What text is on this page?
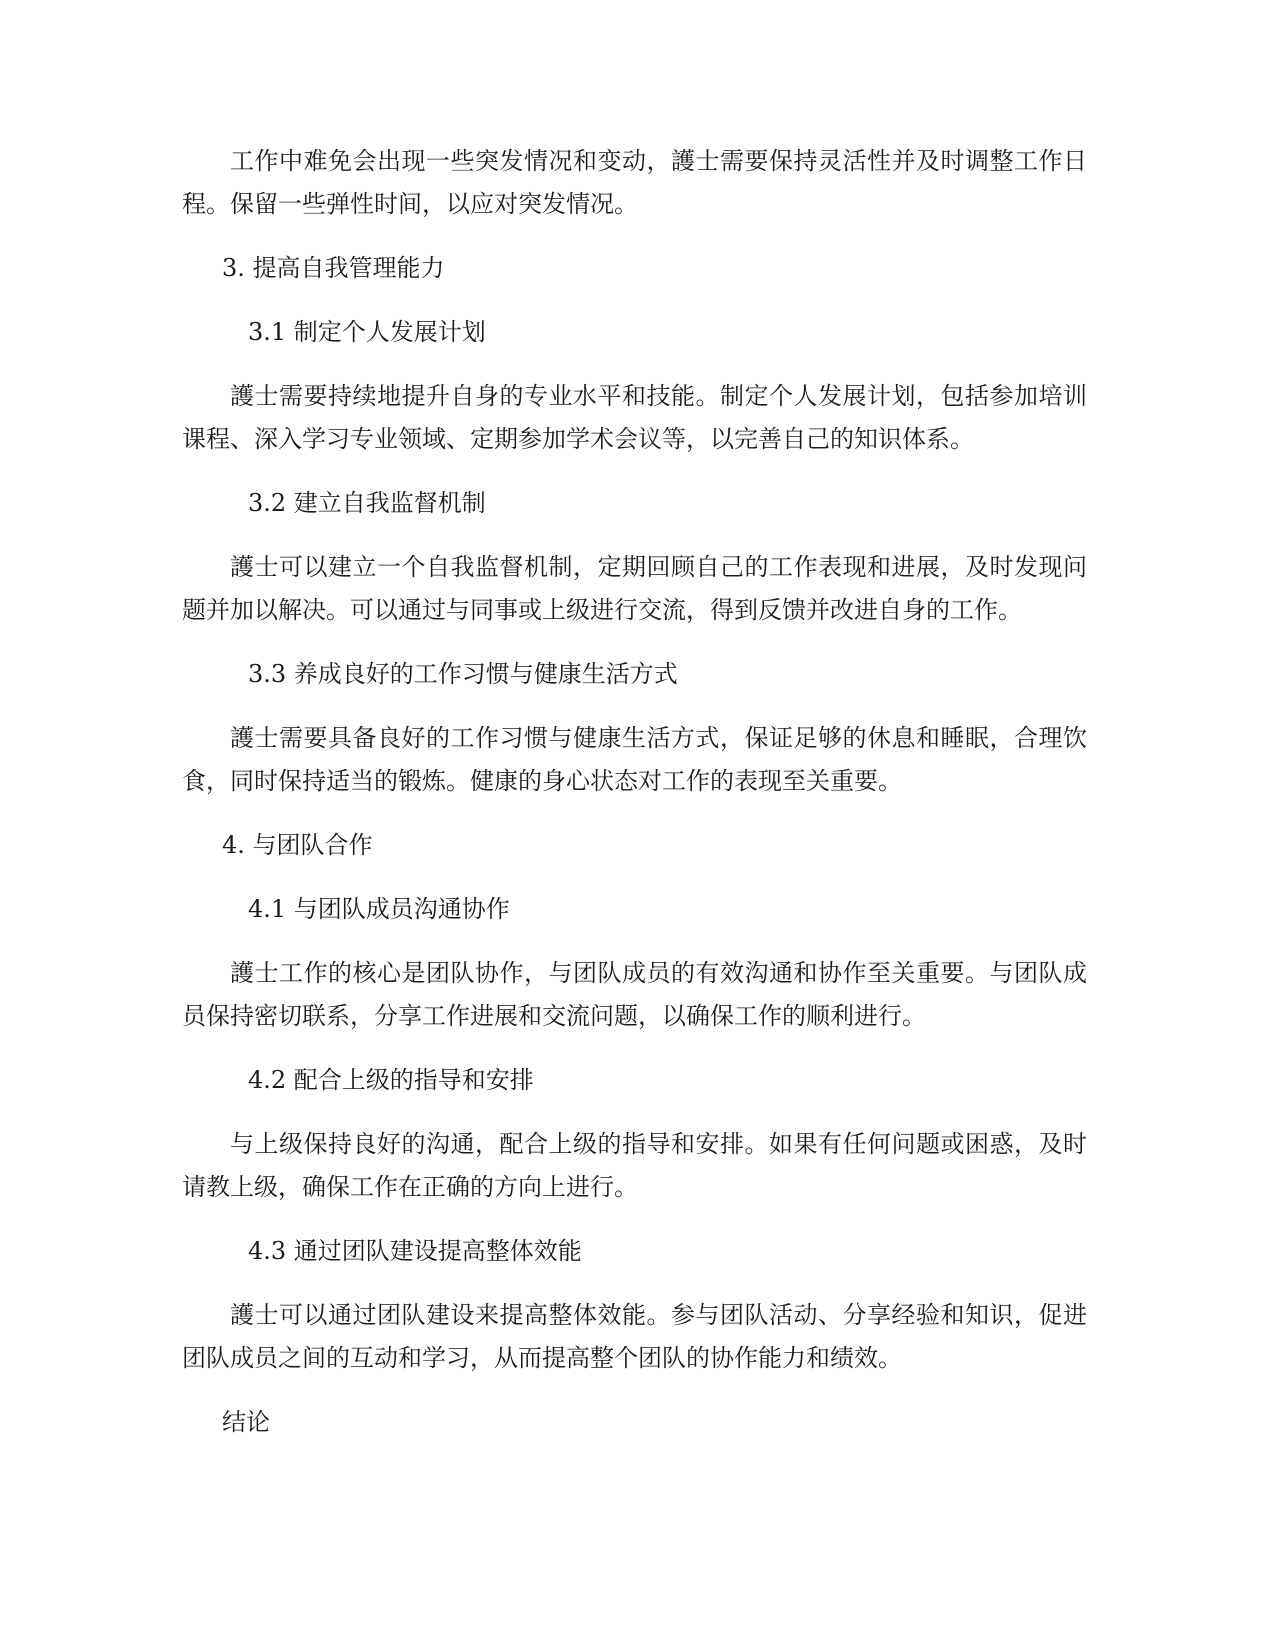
工作中难免会出现一些突发情况和变动，護士需要保持灵活性并及时调整工作日程。保留一些弹性时间，以应对突发情况。

3. 提高自我管理能力

3.1 制定个人发展计划

護士需要持续地提升自身的专业水平和技能。制定个人发展计划，包括参加培训课程、深入学习专业领域、定期参加学术会议等，以完善自己的知识体系。

3.2 建立自我监督机制

護士可以建立一个自我监督机制，定期回顾自己的工作表现和进展，及时发现问题并加以解决。可以通过与同事或上级进行交流，得到反馈并改进自身的工作。

3.3 养成良好的工作习惯与健康生活方式

護士需要具备良好的工作习惯与健康生活方式，保证足够的休息和睡眠，合理饮食，同时保持适当的锻炼。健康的身心状态对工作的表现至关重要。

4. 与团队合作

4.1 与团队成员沟通协作

護士工作的核心是团队协作，与团队成员的有效沟通和协作至关重要。与团队成员保持密切联系，分享工作进展和交流问题，以确保工作的顺利进行。

4.2 配合上级的指导和安排

与上级保持良好的沟通，配合上级的指导和安排。如果有任何问题或困惑，及时请教上级，确保工作在正确的方向上进行。

4.3 通过团队建设提高整体效能

護士可以通过团队建设来提高整体效能。参与团队活动、分享经验和知识，促进团队成员之间的互动和学习，从而提高整个团队的协作能力和绩效。

结论
